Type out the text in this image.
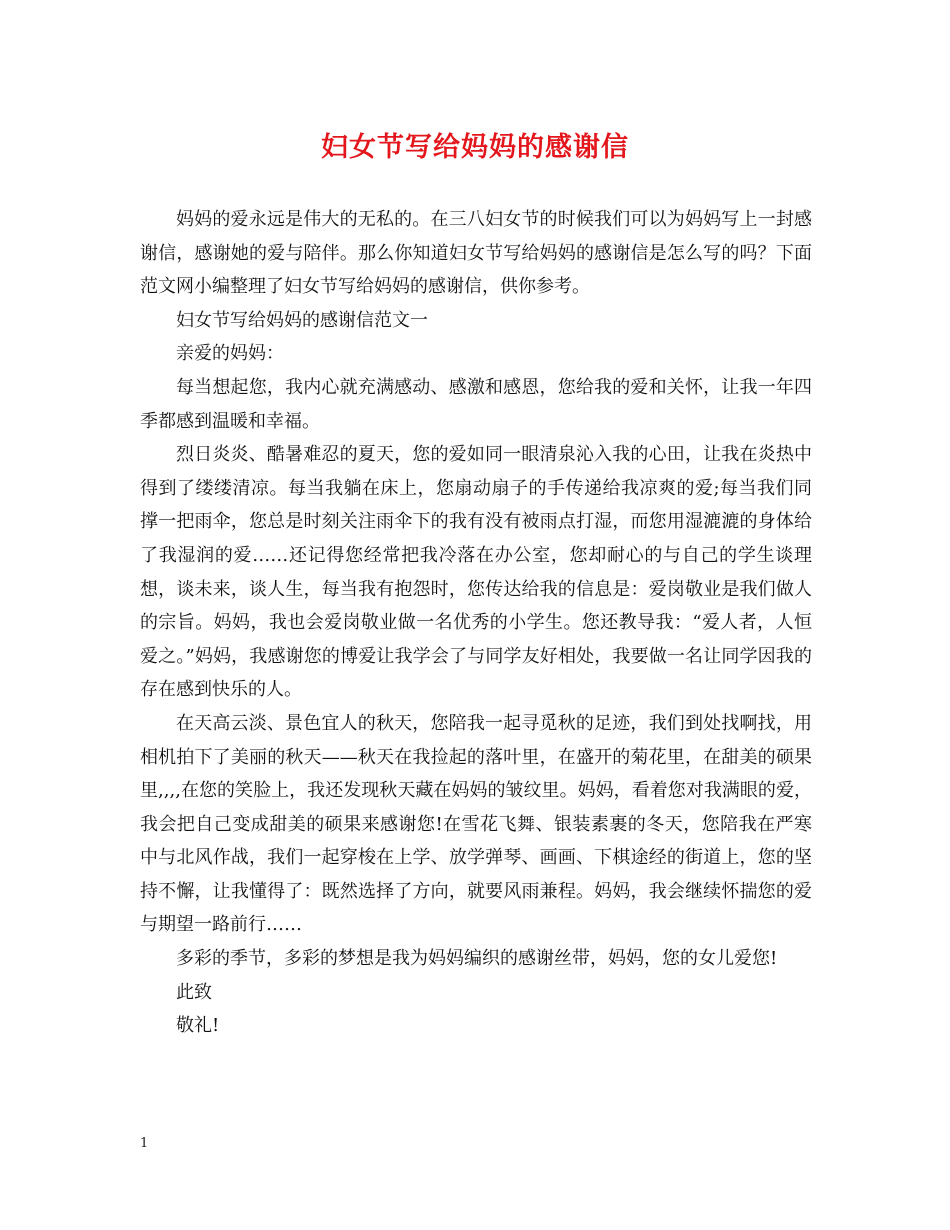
妇女节写给妈妈的感谢信

妈妈的爱永远是伟大的无私的。在三八妇女节的时候我们可以为妈妈写上一封感谢信，感谢她的爱与陪伴。那么你知道妇女节写给妈妈的感谢信是怎么写的吗？下面范文网小编整理了妇女节写给妈妈的感谢信，供你参考。

妇女节写给妈妈的感谢信范文一

亲爱的妈妈：

每当想起您，我内心就充满感动、感激和感恩，您给我的爱和关怀，让我一年四季都感到温暖和幸福。

烈日炎炎、酷暑难忍的夏天，您的爱如同一眼清泉沁入我的心田，让我在炎热中得到了缕缕清凉。每当我躺在床上，您扇动扇子的手传递给我凉爽的爱;每当我们同撑一把雨伞，您总是时刻关注雨伞下的我有没有被雨点打湿，而您用湿漉漉的身体给了我湿润的爱……还记得您经常把我冷落在办公室，您却耐心的与自己的学生谈理想，谈未来，谈人生，每当我有抱怨时，您传达给我的信息是：爱岗敬业是我们做人的宗旨。妈妈，我也会爱岗敬业做一名优秀的小学生。您还教导我：“爱人者，人恒爱之。”妈妈，我感谢您的博爱让我学会了与同学友好相处，我要做一名让同学因我的存在感到快乐的人。

在天高云淡、景色宜人的秋天，您陪我一起寻觅秋的足迹，我们到处找啊找，用相机拍下了美丽的秋天——秋天在我捡起的落叶里，在盛开的菊花里，在甜美的硕果里,,,,在您的笑脸上，我还发现秋天藏在妈妈的皱纹里。妈妈，看着您对我满眼的爱，我会把自己变成甜美的硕果来感谢您!在雪花飞舞、银装素裹的冬天，您陪我在严寒中与北风作战，我们一起穿梭在上学、放学弹琴、画画、下棋途经的街道上，您的坚持不懈，让我懂得了：既然选择了方向，就要风雨兼程。妈妈，我会继续怀揣您的爱与期望一路前行……

多彩的季节，多彩的梦想是我为妈妈编织的感谢丝带，妈妈，您的女儿爱您!

此致

敬礼!

1
